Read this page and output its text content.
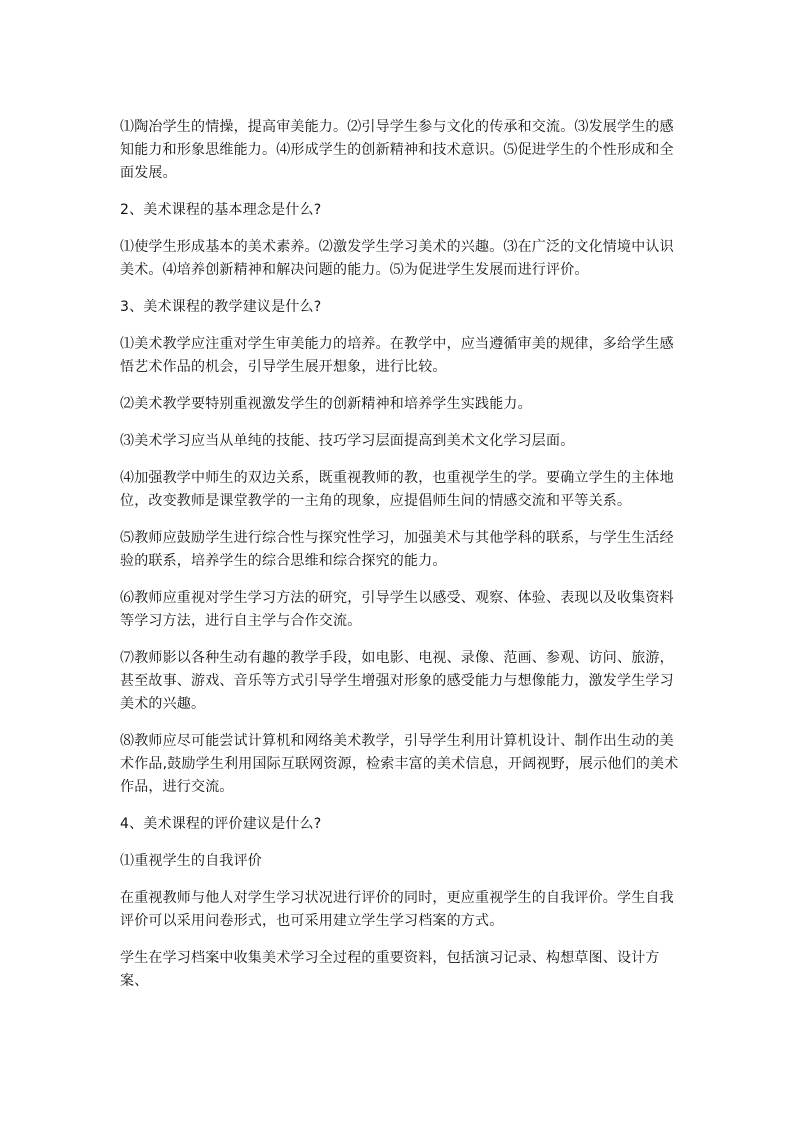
⑴陶冶学生的情操，提高审美能力。⑵引导学生参与文化的传承和交流。⑶发展学生的感知能力和形象思维能力。⑷形成学生的创新精神和技术意识。⑸促进学生的个性形成和全面发展。

2、美术课程的基本理念是什么?

⑴使学生形成基本的美术素养。⑵激发学生学习美术的兴趣。⑶在广泛的文化情境中认识美术。⑷培养创新精神和解决问题的能力。⑸为促进学生发展而进行评价。

3、美术课程的教学建议是什么?

⑴美术教学应注重对学生审美能力的培养。在教学中，应当遵循审美的规律，多给学生感悟艺术作品的机会，引导学生展开想象，进行比较。

⑵美术教学要特别重视激发学生的创新精神和培养学生实践能力。

⑶美术学习应当从单纯的技能、技巧学习层面提高到美术文化学习层面。

⑷加强教学中师生的双边关系，既重视教师的教，也重视学生的学。要确立学生的主体地位，改变教师是课堂教学的一主角的现象，应提倡师生间的情感交流和平等关系。

⑸教师应鼓励学生进行综合性与探究性学习，加强美术与其他学科的联系，与学生生活经验的联系，培养学生的综合思维和综合探究的能力。

⑹教师应重视对学生学习方法的研究，引导学生以感受、观察、体验、表现以及收集资料等学习方法，进行自主学与合作交流。

⑺教师影以各种生动有趣的教学手段，如电影、电视、录像、范画、参观、访问、旅游，甚至故事、游戏、音乐等方式引导学生增强对形象的感受能力与想像能力，激发学生学习美术的兴趣。

⑻教师应尽可能尝试计算机和网络美术教学，引导学生利用计算机设计、制作出生动的美术作品,鼓励学生利用国际互联网资源，检索丰富的美术信息，开阔视野，展示他们的美术作品，进行交流。

4、美术课程的评价建议是什么?

⑴重视学生的自我评价

在重视教师与他人对学生学习状况进行评价的同时，更应重视学生的自我评价。学生自我评价可以采用问卷形式，也可采用建立学生学习档案的方式。

学生在学习档案中收集美术学习全过程的重要资料，包括演习记录、构想草图、设计方案、
